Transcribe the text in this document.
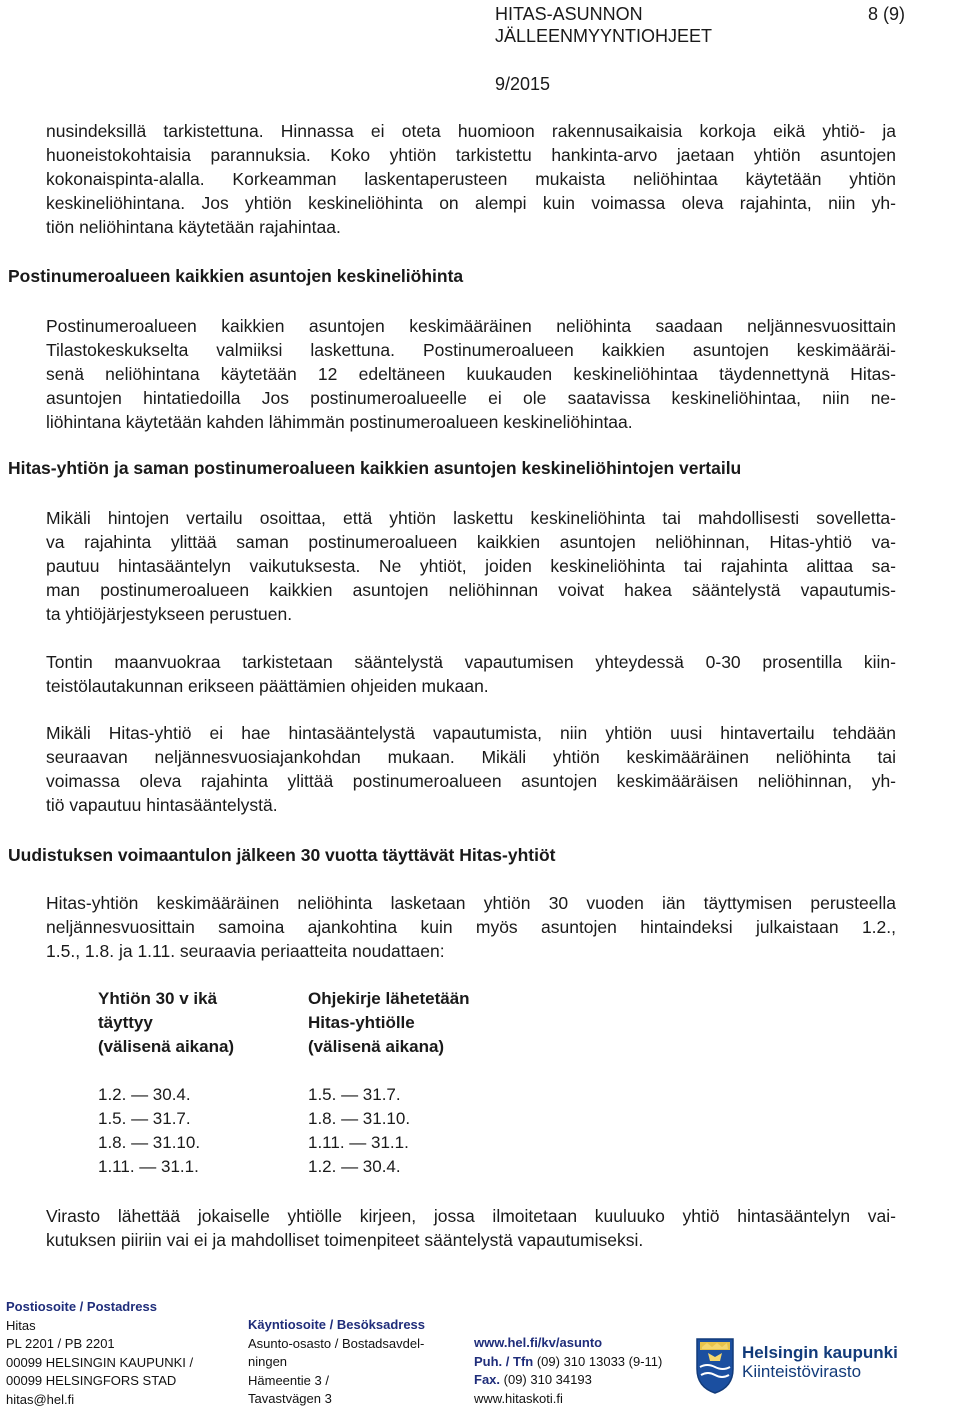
HITAS-ASUNNON
JÄLLEENMYYNTIOHJEET
8 (9)
9/2015
nusindeksillä tarkistettuna. Hinnassa ei oteta huomioon rakennusaikaisia korkoja eikä yhtiö- ja
huoneistokohtaisia parannuksia. Koko yhtiön tarkistettu hankinta-arvo jaetaan yhtiön asuntojen
kokonaispinta-alalla. Korkeamman laskentaperusteen mukaista neliöhintaa käytetään yhtiön
keskineliöhintana. Jos yhtiön keskineliöhinta on alempi kuin voimassa oleva rajahinta, niin yh-
tiön neliöhintana käytetään rajahintaa.
Postinumeroalueen kaikkien asuntojen keskineliöhinta
Postinumeroalueen kaikkien asuntojen keskimääräinen neliöhinta saadaan neljännesvuosittain
Tilastokeskukselta valmiiksi laskettuna. Postinumeroalueen kaikkien asuntojen keskimääräi-
senä neliöhintana käytetään 12 edeltäneen kuukauden keskineliöhintaa täydennettynä Hitas-
asuntojen hintatiedoilla Jos postinumeroalueelle ei ole saatavissa keskineliöhintaa, niin ne-
liöhintana käytetään kahden lähimmän postinumeroalueen keskineliöhintaa.
Hitas-yhtiön ja saman postinumeroalueen kaikkien asuntojen keskineliöhintojen vertailu
Mikäli hintojen vertailu osoittaa, että yhtiön laskettu keskineliöhinta tai mahdollisesti sovelletta-
va rajahinta ylittää saman postinumeroalueen kaikkien asuntojen neliöhinnan, Hitas-yhtiö va-
pautuu hintasääntelyn vaikutuksesta. Ne yhtiöt, joiden keskineliöhinta tai rajahinta alittaa sa-
man postinumeroalueen kaikkien asuntojen neliöhinnan voivat hakea sääntelystä vapautumis-
ta yhtiöjärjestykseen perustuen.
Tontin maanvuokraa tarkistetaan sääntelystä vapautumisen yhteydessä 0-30 prosentilla kiin-
teistölautakunnan erikseen päättämien ohjeiden mukaan.
Mikäli Hitas-yhtiö ei hae hintasääntelystä vapautumista, niin yhtiön uusi hintavertailu tehdään
seuraavan neljännesvuosiajankohdan mukaan. Mikäli yhtiön keskimääräinen neliöhinta tai
voimassa oleva rajahinta ylittää postinumeroalueen asuntojen keskimääräisen neliöhinnan, yh-
tiö vapautuu hintasääntelystä.
Uudistuksen voimaantulon jälkeen 30 vuotta täyttävät Hitas-yhtiöt
Hitas-yhtiön keskimääräinen neliöhinta lasketaan yhtiön 30 vuoden iän täyttymisen perusteella
neljännesvuosittain samoina ajankohtina kuin myös asuntojen hintaindeksi julkaistaan 1.2.,
1.5., 1.8. ja 1.11. seuraavia periaatteita noudattaen:
Yhtiön 30 v ikä
täyttyy
(välisenä aikana)
Ohjekirje lähetetään
Hitas-yhtiölle
(välisenä aikana)
1.2. — 30.4.
1.5. — 31.7.
1.8. — 31.10.
1.11. — 31.1.
1.5. — 31.7.
1.8. — 31.10.
1.11. — 31.1.
1.2. — 30.4.
Virasto lähettää jokaiselle yhtiölle kirjeen, jossa ilmoitetaan kuuluuko yhtiö hintasääntelyn vai-
kutuksen piiriin vai ei ja mahdolliset toimenpiteet sääntelystä vapautumiseksi.
Postiosoite / Postadress
Hitas
PL 2201 / PB 2201
00099 HELSINGIN KAUPUNKI /
00099 HELSINGFORS STAD
hitas@hel.fi
Käyntiosoite / Besöksadress
Asunto-osasto / Bostadsavdel-
ningen
Hämeentie 3 /
Tavastvägen 3
www.hel.fi/kv/asunto
Puh. / Tfn (09) 310 13033 (9-11)
Fax. (09) 310 34193
www.hitaskoti.fi
Helsingin kaupunki
Kiinteistövirasto
